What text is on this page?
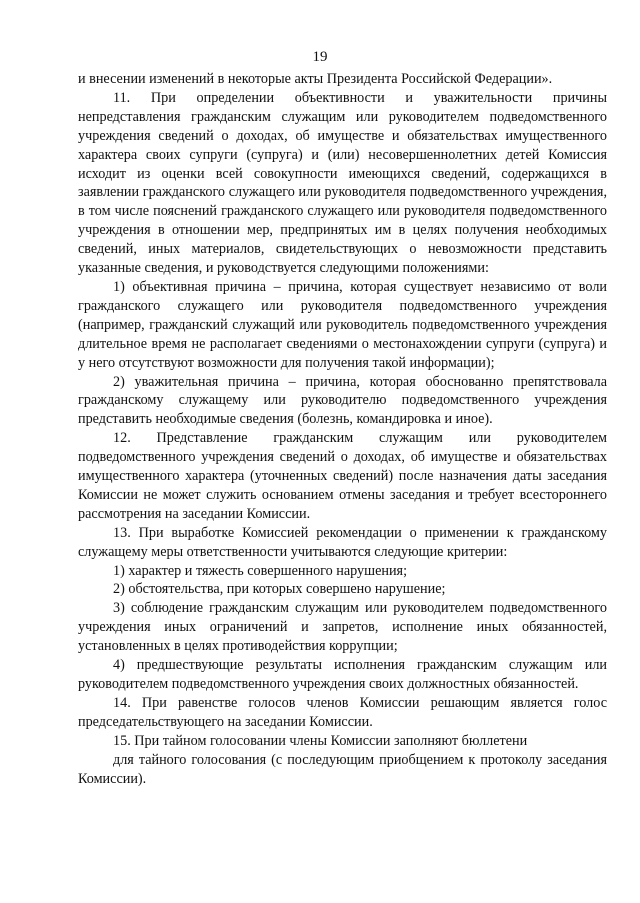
19

и внесении изменений в некоторые акты Президента Российской Федерации».

11. При определении объективности и уважительности причины непредставления гражданским служащим или руководителем подведомственного учреждения сведений о доходах, об имуществе и обязательствах имущественного характера своих супруги (супруга) и (или) несовершеннолетних детей Комиссия исходит из оценки всей совокупности имеющихся сведений, содержащихся в заявлении гражданского служащего или руководителя подведомственного учреждения, в том числе пояснений гражданского служащего или руководителя подведомственного учреждения в отношении мер, предпринятых им в целях получения необходимых сведений, иных материалов, свидетельствующих о невозможности представить указанные сведения, и руководствуется следующими положениями:

1) объективная причина – причина, которая существует независимо от воли гражданского служащего или руководителя подведомственного учреждения (например, гражданский служащий или руководитель подведомственного учреждения длительное время не располагает сведениями о местонахождении супруги (супруга) и у него отсутствуют возможности для получения такой информации);

2) уважительная причина – причина, которая обоснованно препятствовала гражданскому служащему или руководителю подведомственного учреждения представить необходимые сведения (болезнь, командировка и иное).

12. Представление гражданским служащим или руководителем подведомственного учреждения сведений о доходах, об имуществе и обязательствах имущественного характера (уточненных сведений) после назначения даты заседания Комиссии не может служить основанием отмены заседания и требует всестороннего рассмотрения на заседании Комиссии.

13. При выработке Комиссией рекомендации о применении к гражданскому служащему меры ответственности учитываются следующие критерии:

1) характер и тяжесть совершенного нарушения;

2) обстоятельства, при которых совершено нарушение;

3) соблюдение гражданским служащим или руководителем подведомственного учреждения иных ограничений и запретов, исполнение иных обязанностей, установленных в целях противодействия коррупции;

4) предшествующие результаты исполнения гражданским служащим или руководителем подведомственного учреждения своих должностных обязанностей.

14. При равенстве голосов членов Комиссии решающим является голос председательствующего на заседании Комиссии.

15. При тайном голосовании члены Комиссии заполняют бюллетени

для тайного голосования (с последующим приобщением к протоколу заседания Комиссии).
